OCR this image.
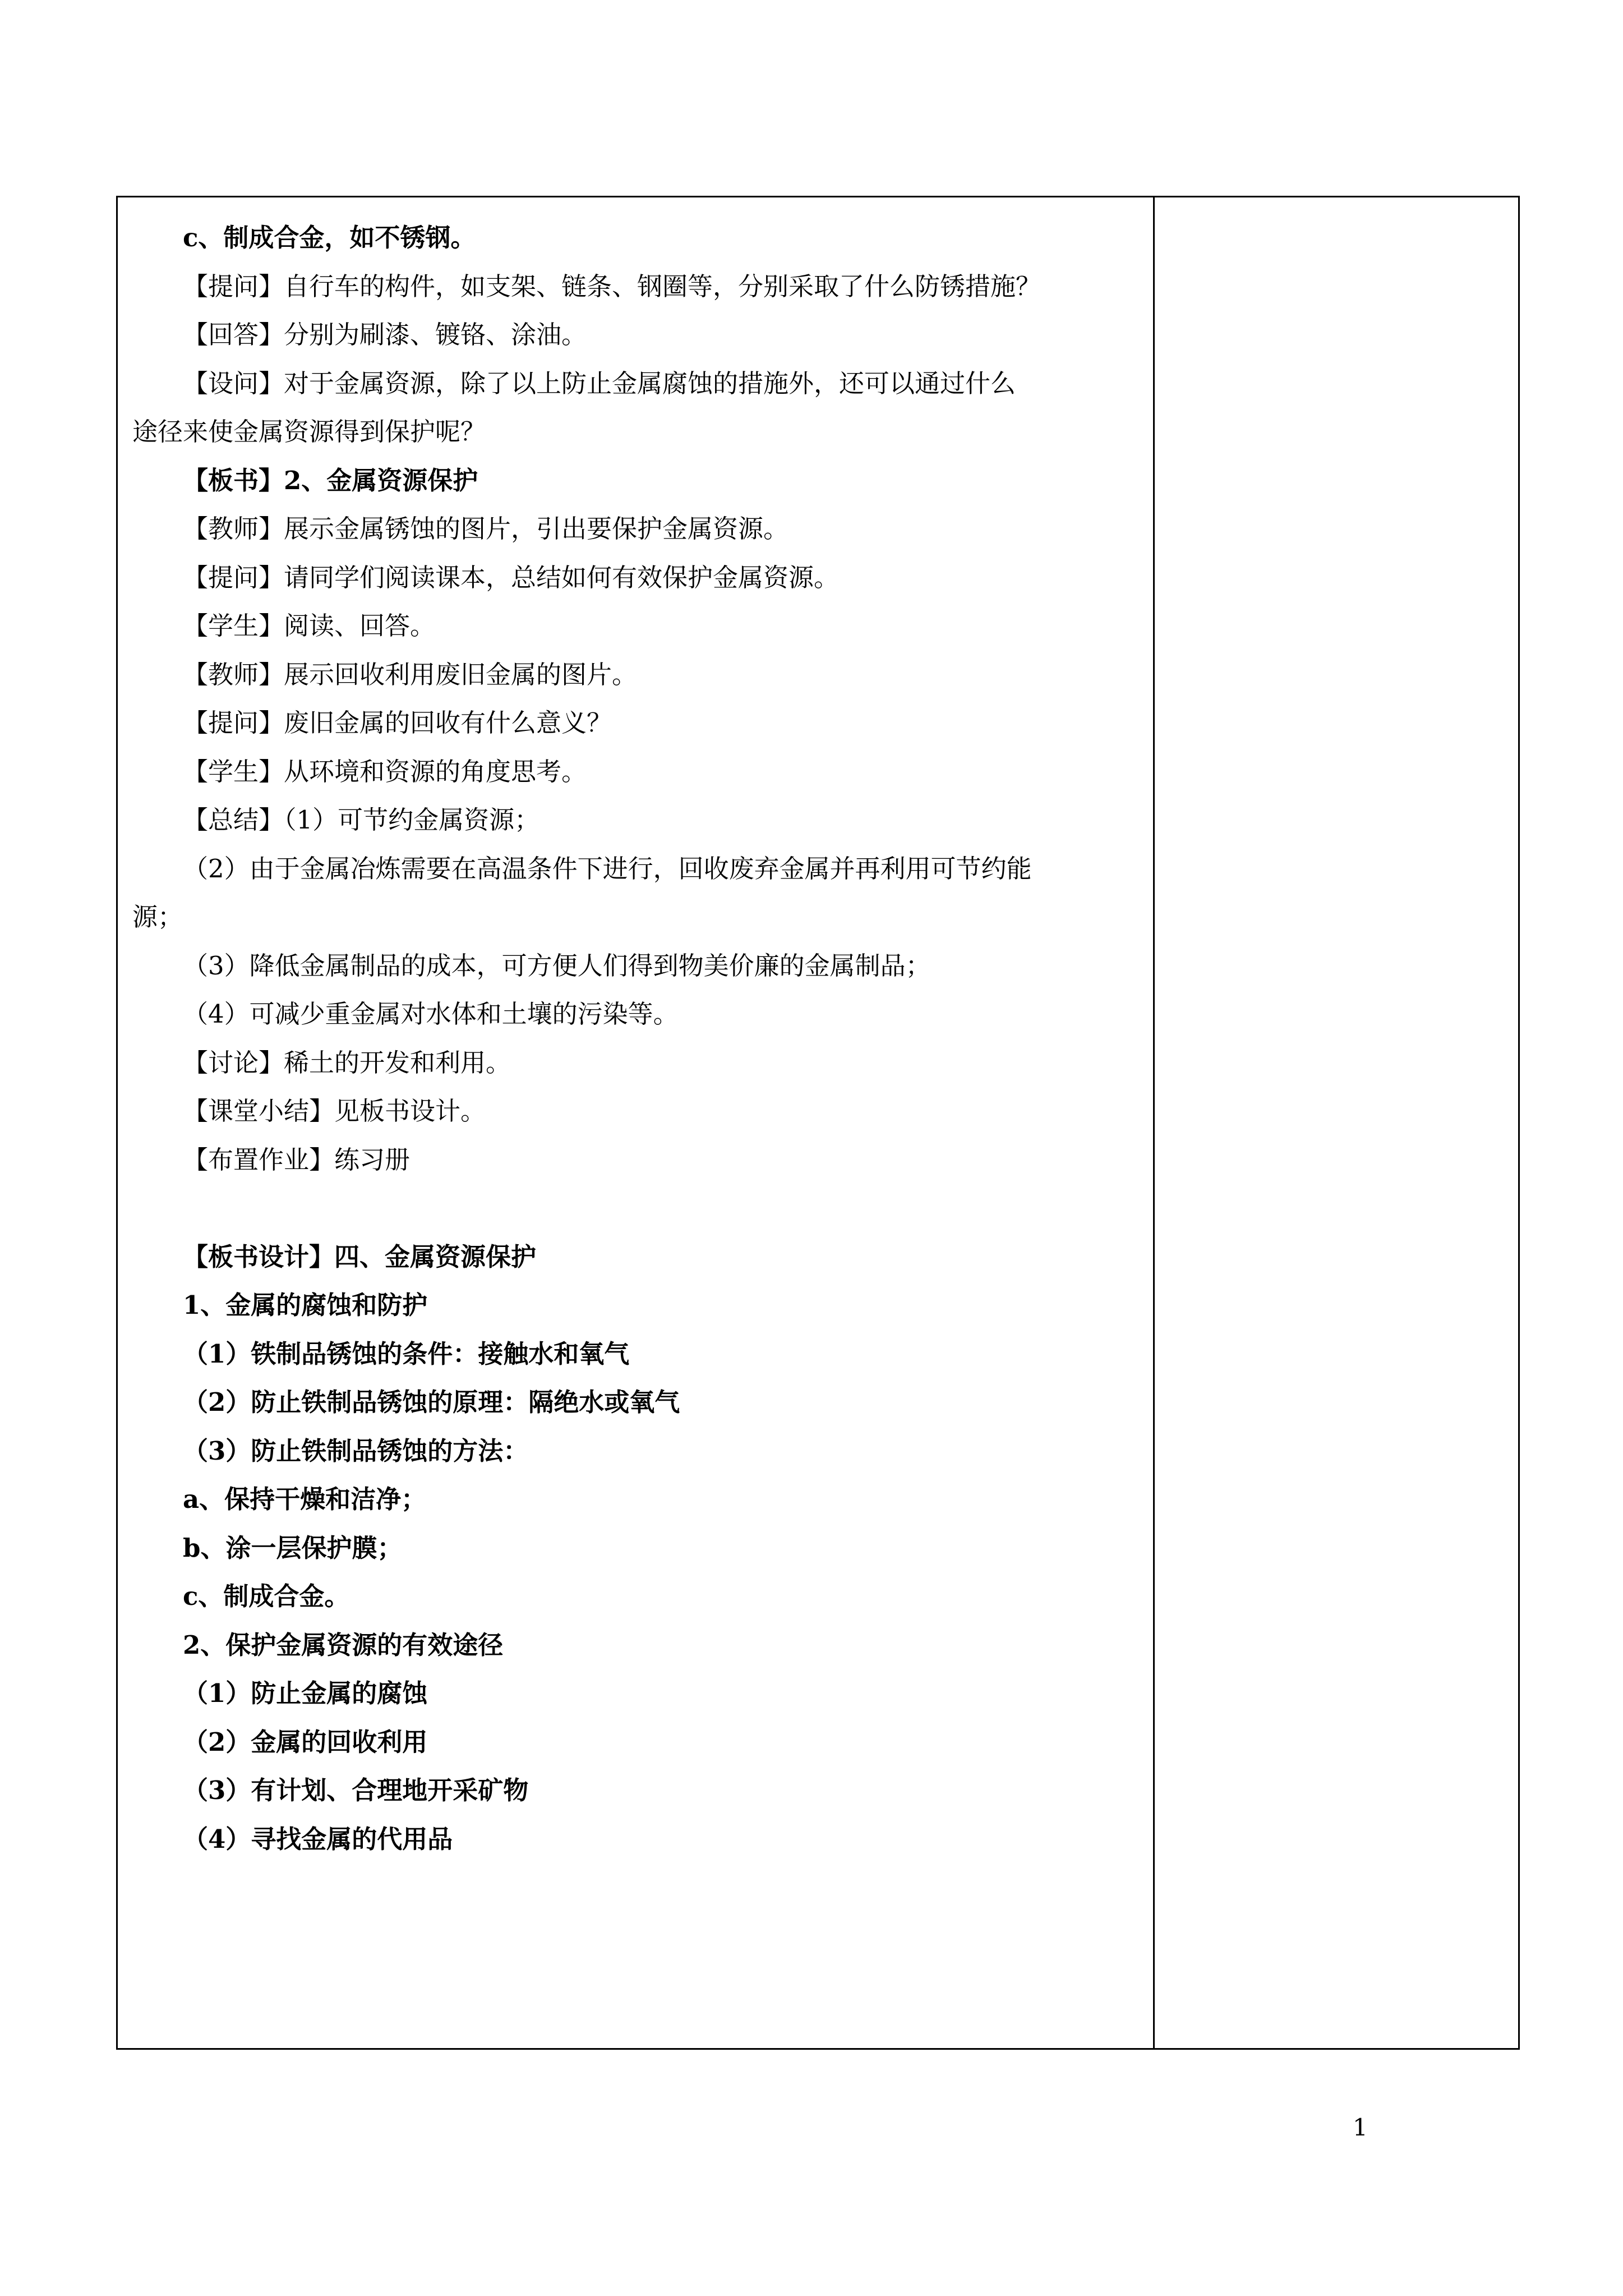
c、制成合金，如不锈钢。
【提问】自行车的构件，如支架、链条、钢圈等，分别采取了什么防锈措施？
【回答】分别为刷漆、镀铬、涂油。
【设问】对于金属资源，除了以上防止金属腐蚀的措施外，还可以通过什么
途径来使金属资源得到保护呢？
【板书】2、金属资源保护
【教师】展示金属锈蚀的图片，引出要保护金属资源。
【提问】请同学们阅读课本，总结如何有效保护金属资源。
【学生】阅读、回答。
【教师】展示回收利用废旧金属的图片。
【提问】废旧金属的回收有什么意义？
【学生】从环境和资源的角度思考。
【总结】（1）可节约金属资源；
（2）由于金属冶炼需要在高温条件下进行，回收废弃金属并再利用可节约能
源；
（3）降低金属制品的成本，可方便人们得到物美价廉的金属制品；
（4）可减少重金属对水体和土壤的污染等。
【讨论】稀土的开发和利用。
【课堂小结】见板书设计。
【布置作业】练习册
【板书设计】四、金属资源保护
1、金属的腐蚀和防护
（1）铁制品锈蚀的条件：接触水和氧气
（2）防止铁制品锈蚀的原理：隔绝水或氧气
（3）防止铁制品锈蚀的方法：
a、保持干燥和洁净；
b、涂一层保护膜；
c、制成合金。
2、保护金属资源的有效途径
（1）防止金属的腐蚀
（2）金属的回收利用
（3）有计划、合理地开采矿物
（4）寻找金属的代用品
1
